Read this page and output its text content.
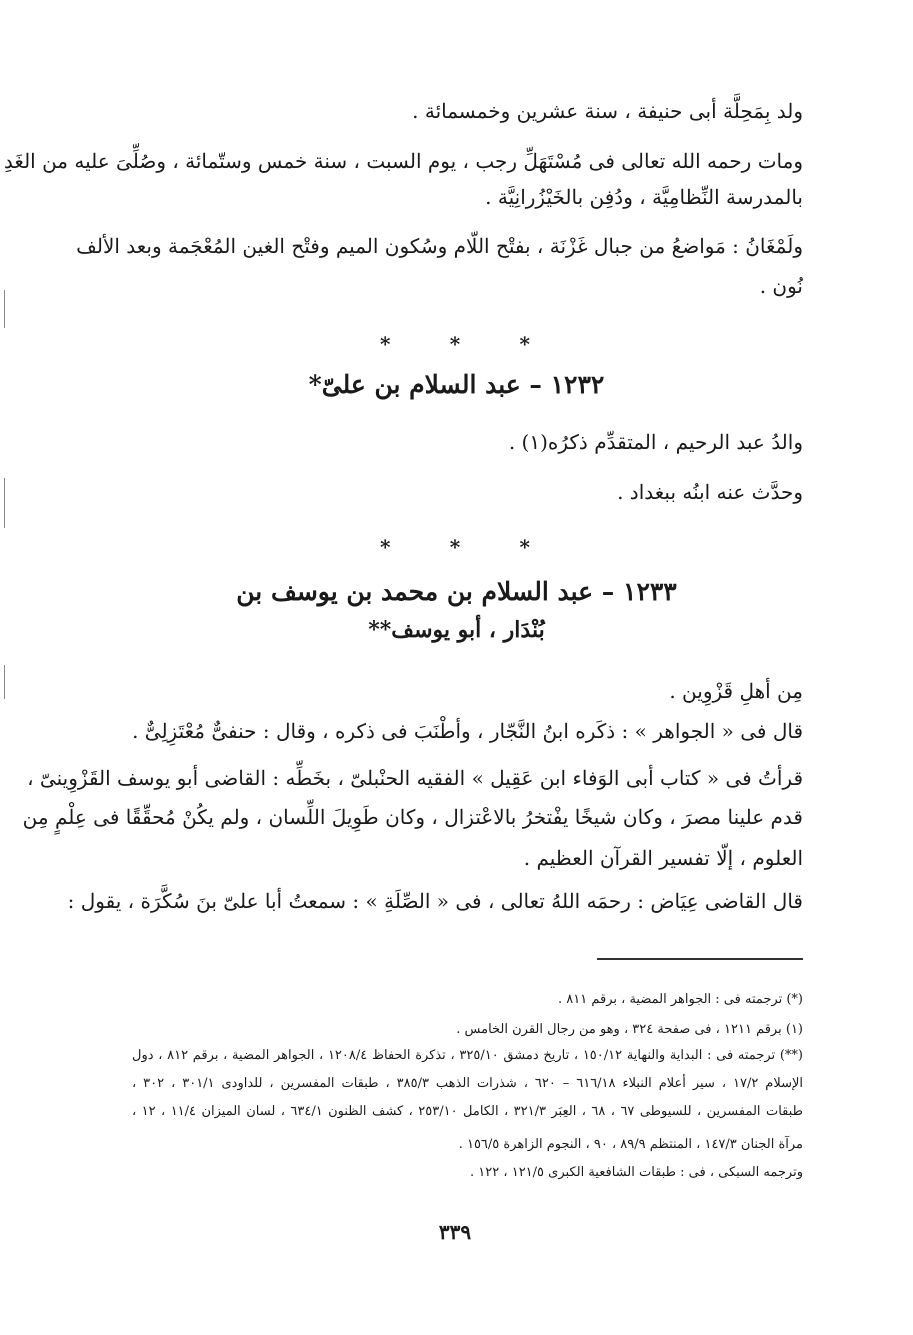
ولد بِمَحِلَّة أبى حنيفة ، سنة عشرين وخمسمائة .
ومات رحمه الله تعالى فى مُسْتَهَلِّ رجب ، يوم السبت ، سنة خمس وستّمائة ، وصُلِّىَ عليه من الغَدِ
بالمدرسة النِّظامِيَّة ، ودُفِن بالخَيْزُرانِيَّة .
ولَمْغَانُ : مَواضعُ من جبال غَزْنَة ، بفتْح اللّام وسُكون الميم وفتْح الغين المُعْجَمة وبعد الألف
نُون .
*	*	*
١٢٣٢ – عبد السلام بن علىّ*
والدُ عبد الرحيم ، المتقدِّم ذكرُه(١) .
وحدَّث عنه ابنُه ببغداد .
*	*	*
١٢٣٣ – عبد السلام بن محمد بن يوسف بن
بُنْدَار ، أبو يوسف**
مِن أهلِ قَزْوِين .
قال فى « الجواهر » : ذكَره ابنُ النَّجّار ، وأطْنَبَ فى ذكره ، وقال : حنفىٌّ مُعْتَزِلِىٌّ .
قرأتُ فى « كتاب أبى الوَفاء ابن عَقِيل » الفقيه الحنْبلىّ ، بخَطِّه : القاضى أبو يوسف القَزْوِينىّ ،
قدم علينا مصرَ ، وكان شيخًا يفْتخرُ بالاعْتزال ، وكان طَوِيلَ اللِّسان ، ولم يكُنْ مُحقِّقًا فى عِلْمٍ مِن
العلوم ، إلّا تفسير القرآن العظيم .
قال القاضى عِيَاض : رحمَه اللهُ تعالى ، فى « الصِّلَةِ » : سمعتُ أبا علىّ بنَ سُكَّرَة ، يقول :
(*) ترجمته فى : الجواهر المضية ، برقم ٨١١ .
(١) برقم ١٢١١ ، فى صفحة ٣٢٤ ، وهو من رجال القرن الخامس .
(**) ترجمته فى : البداية والنهاية ١٥٠/١٢ ، تاريخ دمشق ٣٢٥/١٠ ، تذكرة الحفاظ ١٢٠٨/٤ ، الجواهر المضية ، برقم ٨١٢ ، دول
الإسلام ١٧/٢ ، سير أعلام النبلاء ٦١٦/١٨ – ٦٢٠ ، شذرات الذهب ٣٨٥/٣ ، طبقات المفسرين ، للداودى ٣٠١/١ ، ٣٠٢ ،
طبقات المفسرين ، للسيوطى ٦٧ ، ٦٨ ، العِبَر ٣٢١/٣ ، الكامل ٢٥٣/١٠ ، كشف الظنون ٦٣٤/١ ، لسان الميزان ١١/٤ ، ١٢ ،
مرآة الجنان ١٤٧/٣ ، المنتظم ٨٩/٩ ، ٩٠ ، النجوم الزاهرة ١٥٦/٥ .
وترجمه السبكى ، فى : طبقات الشافعية الكبرى ١٢١/٥ ، ١٢٢ .
٣٣٩
